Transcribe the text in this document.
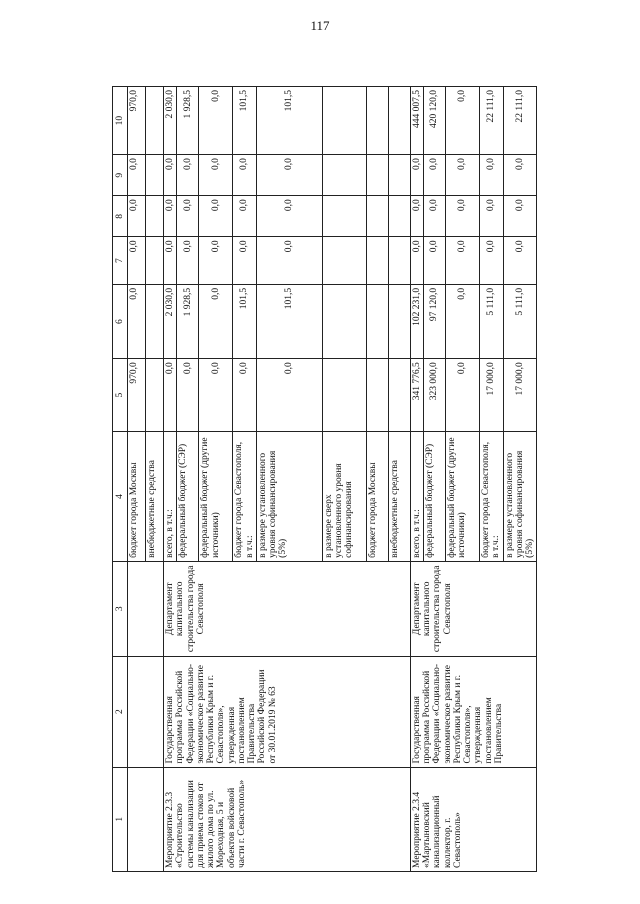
117
1	2	3	4	5	6	7	8	9	10
			бюджет города Москвы	970,0	0,0	0,0	0,0	0,0	970,0
			внебюджетные средства						
Мероприятие 2.3.3 «Строительство системы канализации для приема стоков от жилого дома по ул. Мореходная, 5 и объектов войсковой части г. Севастополь»	Государственная программа Российской Федерации «Социально-экономическое развитие Республики Крым и г. Севастополя», утвержденная постановлением Правительства Российской Федерации от 30.01.2019 № 63	Департамент капитального строительства города Севастополя	всего, в т.ч.:	0,0	2 030,0	0,0	0,0	0,0	2 030,0
			федеральный бюджет (СЭР)	0,0	1 928,5	0,0	0,0	0,0	1 928,5
			федеральный бюджет (другие источники)	0,0	0,0	0,0	0,0	0,0	0,0
			бюджет города Севастополя, в т.ч.:	0,0	101,5	0,0	0,0	0,0	101,5
			в размере установленного уровня софинансирования (5%)	0,0	101,5	0,0	0,0	0,0	101,5
			в размере сверх установленного уровня софинансирования						
			бюджет города Москвы						
			внебюджетные средства						
Мероприятие 2.3.4 «Мартыновский канализационный коллектор, г. Севастополь»	Государственная программа Российской Федерации «Социально-экономическое развитие Республики Крым и г. Севастополя», утвержденная постановлением Правительства	Департамент капитального строительства города Севастополя	всего, в т.ч.:	341 776,5	102 231,0	0,0	0,0	0,0	444 007,5
			федеральный бюджет (СЭР)	323 000,0	97 120,0	0,0	0,0	0,0	420 120,0
			федеральный бюджет (другие источники)	0,0	0,0	0,0	0,0	0,0	0,0
			бюджет города Севастополя, в т.ч.:	17 000,0	5 111,0	0,0	0,0	0,0	22 111,0
			в размере установленного уровня софинансирования (5%)	17 000,0	5 111,0	0,0	0,0	0,0	22 111,0
